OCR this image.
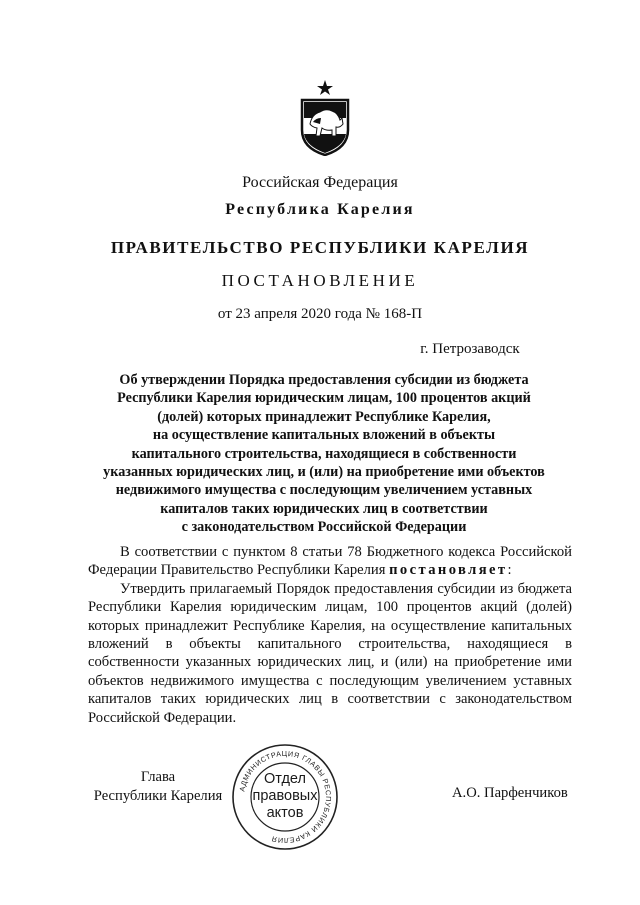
Российская Федерация
Республика Карелия
ПРАВИТЕЛЬСТВО РЕСПУБЛИКИ КАРЕЛИЯ
ПОСТАНОВЛЕНИЕ
от 23 апреля 2020 года № 168-П
г. Петрозаводск
Об утверждении Порядка предоставления субсидии из бюджета
Республики Карелия юридическим лицам, 100 процентов акций
(долей) которых принадлежит Республике Карелия,
на осуществление капитальных вложений в объекты
капитального строительства, находящиеся в собственности
указанных юридических лиц, и (или) на приобретение ими объектов
недвижимого имущества с последующим увеличением уставных
капиталов таких юридических лиц в соответствии
с законодательством Российской Федерации

В соответствии с пунктом 8 статьи 78 Бюджетного кодекса Российской Федерации Правительство Республики Карелия постановляет:

Утвердить прилагаемый Порядок предоставления субсидии из бюджета Республики Карелия юридическим лицам, 100 процентов акций (долей) которых принадлежит Республике Карелия, на осуществление капитальных вложений в объекты капитального строительства, находящиеся в собственности указанных юридических лиц, и (или) на приобретение ими объектов недвижимого имущества с последующим увеличением уставных капиталов таких юридических лиц в соответствии с законодательством Российской Федерации.

Глава
Республики Карелия	А.О. Парфенчиков
АДМИНИСТРАЦИЯ ГЛАВЫ РЕСПУБЛИКИ КАРЕЛИЯ
Отдел
правовых
актов
